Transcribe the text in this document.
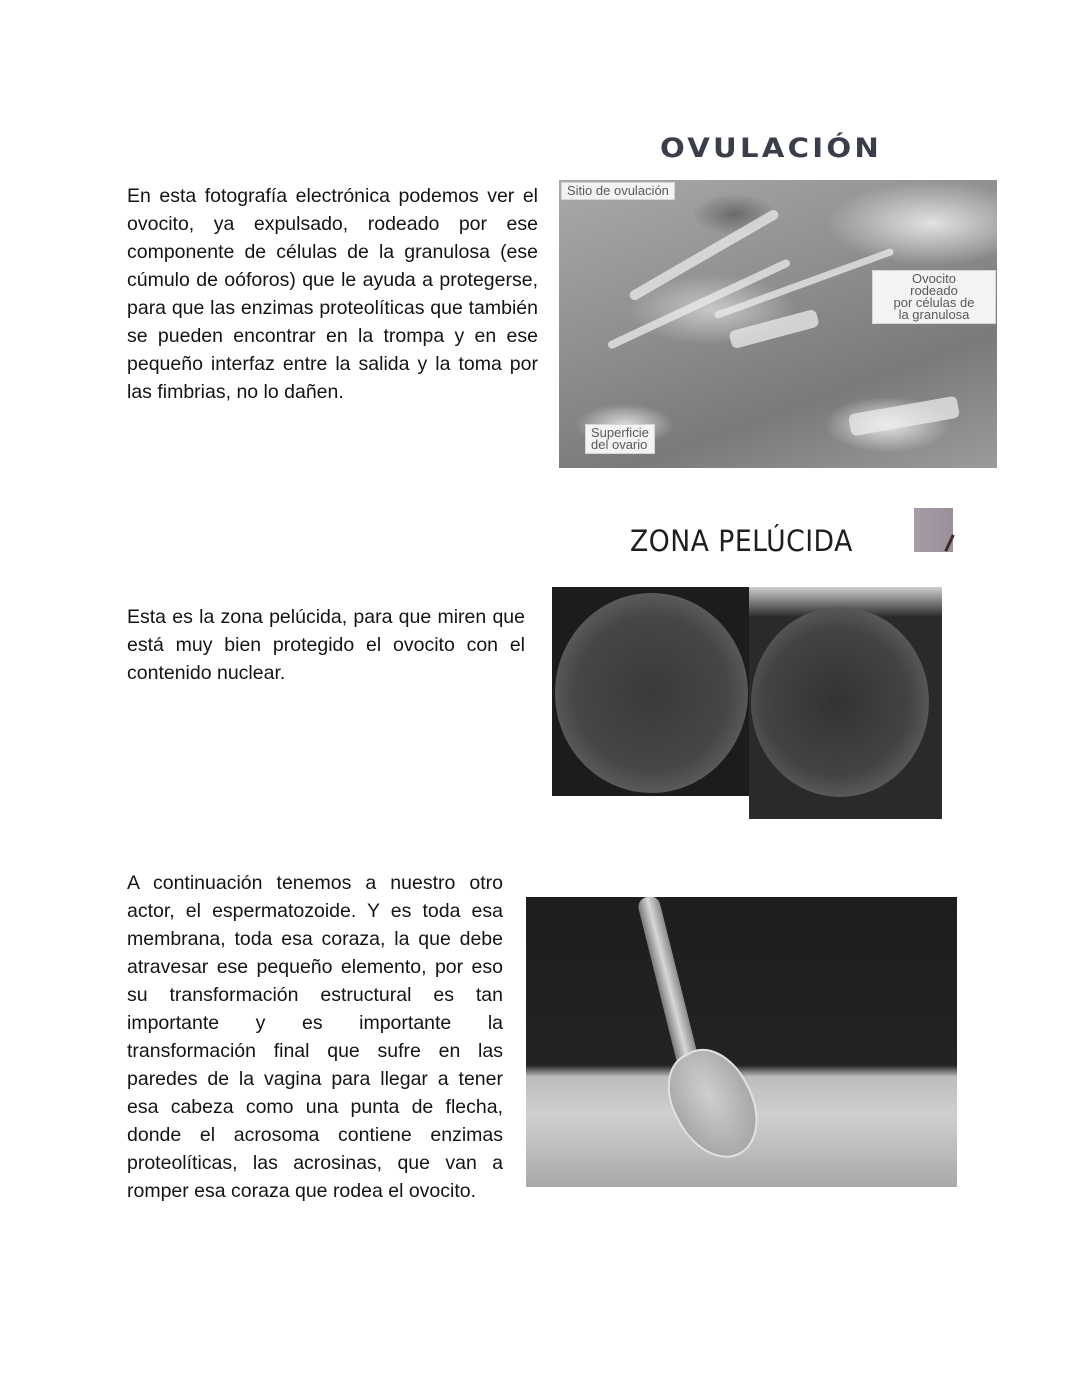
En esta fotografía electrónica podemos ver el ovocito, ya expulsado, rodeado por ese componente de células de la granulosa (ese cúmulo de oóforos) que le ayuda a protegerse, para que las enzimas proteolíticas que también se pueden encontrar en la trompa y en ese pequeño interfaz entre la salida y la toma por las fimbrias, no lo dañen.

OVULACIÓN
Sitio de ovulación
Ovocito
rodeado
por células de
la granulosa
Superficie
del ovario
ZONA PELÚCIDA

Esta es la zona pelúcida, para que miren que está muy bien protegido el ovocito con el contenido nuclear.

A continuación tenemos a nuestro otro actor, el espermatozoide. Y es toda esa membrana, toda esa coraza, la que debe atravesar ese pequeño elemento, por eso su transformación estructural es tan importante y es importante la transformación final que sufre en las paredes de la vagina para llegar a tener esa cabeza como una punta de flecha, donde el acrosoma contiene enzimas proteolíticas, las acrosinas, que van a romper esa coraza que rodea el ovocito.
